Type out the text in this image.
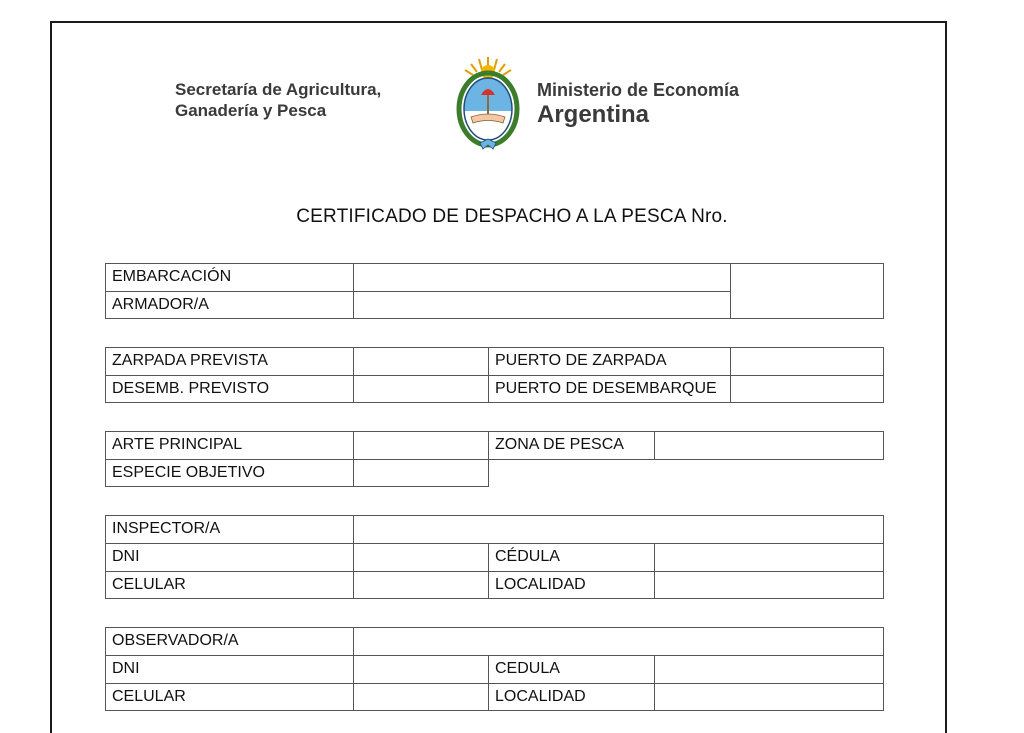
Secretaría de Agricultura,
Ganadería y Pesca
Ministerio de Economía
Argentina
CERTIFICADO DE DESPACHO A LA PESCA Nro.
EMBARCACIÓN
ARMADOR/A
ZARPADA PREVISTA	PUERTO DE ZARPADA
DESEMB. PREVISTO	PUERTO DE DESEMBARQUE
ARTE PRINCIPAL	ZONA DE PESCA
ESPECIE OBJETIVO
INSPECTOR/A
DNI	CÉDULA
CELULAR	LOCALIDAD
OBSERVADOR/A
DNI	CEDULA
CELULAR	LOCALIDAD
